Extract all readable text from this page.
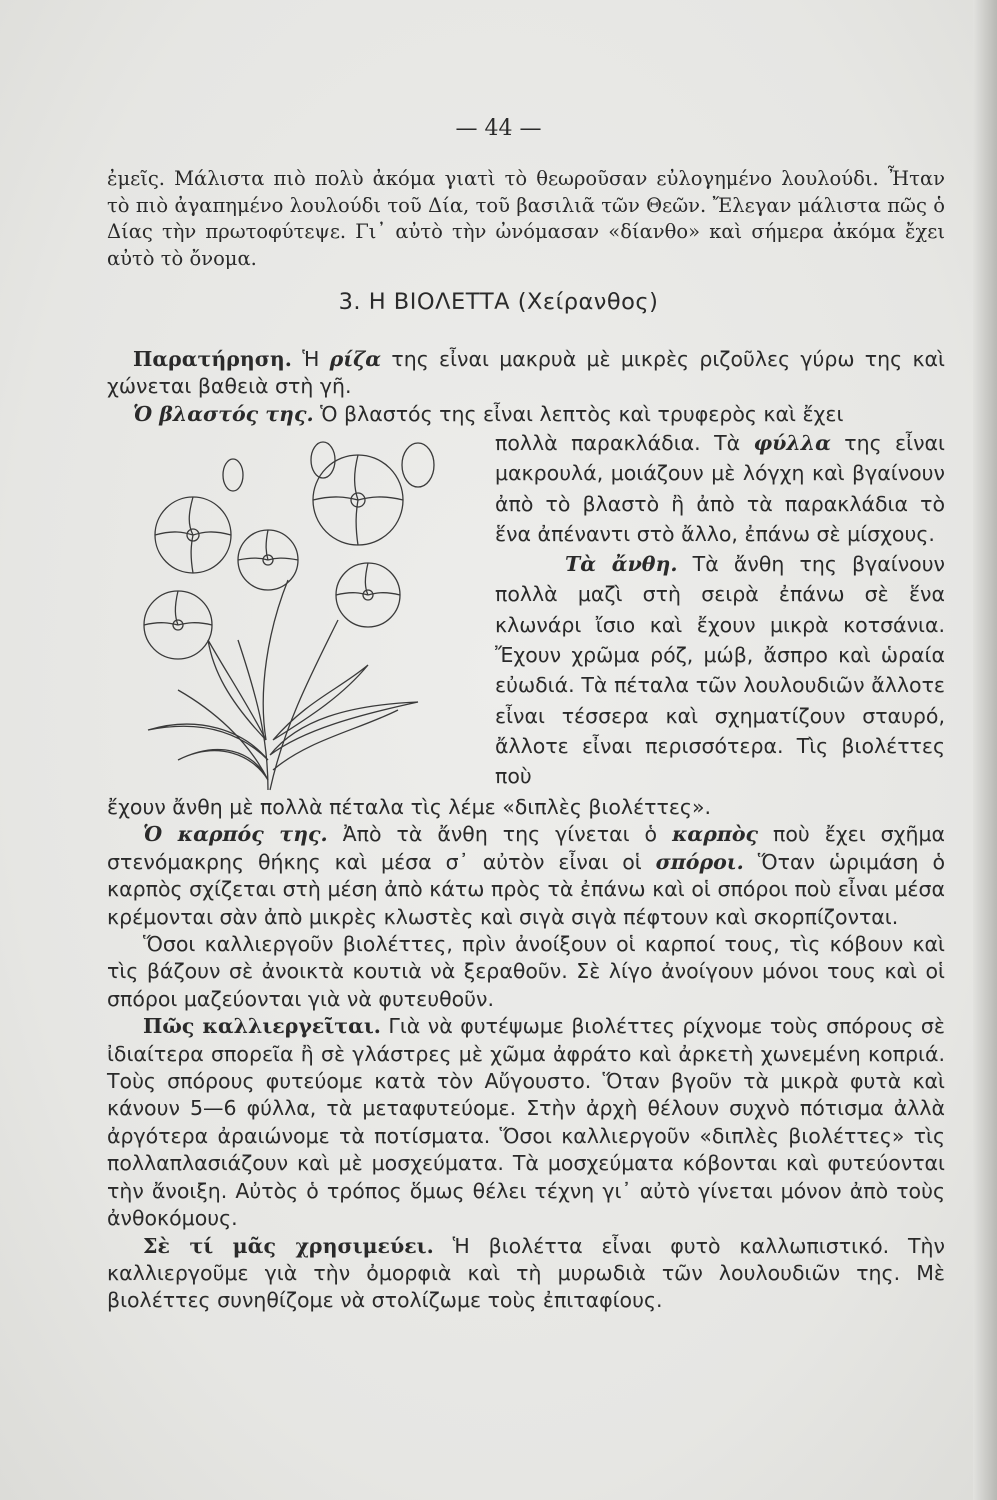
— 44 —

ἐμεῖς. Μάλιστα πιὸ πολὺ ἀκόμα γιατὶ τὸ θεωροῦσαν εὐλογημένο λουλούδι. Ἦταν τὸ πιὸ ἀγαπημένο λουλούδι τοῦ Δία, τοῦ βασιλιᾶ τῶν Θεῶν. Ἔλεγαν μάλιστα πῶς ὁ Δίας τὴν πρωτοφύτεψε. Γι᾽ αὐτὸ τὴν ὠνόμασαν «δίανθο» καὶ σήμερα ἀκόμα ἔχει αὐτὸ τὸ ὄνομα.

3. Η ΒΙΟΛΕΤΤΑ (Χείρανθος)

Παρατήρηση. Ἡ ρίζα της εἶναι μακρυὰ μὲ μικρὲς ριζοῦλες γύρω της καὶ χώνεται βαθειὰ στὴ γῆ.

Ὁ βλαστός της. Ὁ βλαστός της εἶναι λεπτὸς καὶ τρυφερὸς καὶ ἔχει

πολλὰ παρακλάδια. Τὰ φύλλα της εἶναι μακρουλά, μοιάζουν μὲ λόγχη καὶ βγαίνουν ἀπὸ τὸ βλαστὸ ἢ ἀπὸ τὰ παρακλάδια τὸ ἕνα ἀπέναντι στὸ ἄλλο, ἐπάνω σὲ μίσχους.
Τὰ ἄνθη. Τὰ ἄνθη της βγαίνουν πολλὰ μαζὶ στὴ σειρὰ ἐπάνω σὲ ἕνα κλωνάρι ἴσιο καὶ ἔχουν μικρὰ κοτσάνια. Ἔχουν χρῶμα ρόζ, μώβ, ἄσπρο καὶ ὡραία εὐωδιά. Τὰ πέταλα τῶν λουλουδιῶν ἄλλοτε εἶναι τέσσερα καὶ σχηματίζουν σταυρό, ἄλλοτε εἶναι περισσότερα. Τὶς βιολέττες ποὺ

ἔχουν ἄνθη μὲ πολλὰ πέταλα τὶς λέμε «διπλὲς βιολέττες».

Ὁ καρπός της. Ἀπὸ τὰ ἄνθη της γίνεται ὁ καρπὸς ποὺ ἔχει σχῆμα στενόμακρης θήκης καὶ μέσα σ᾽ αὐτὸν εἶναι οἱ σπόροι. Ὅταν ὡριμάση ὁ καρπὸς σχίζεται στὴ μέση ἀπὸ κάτω πρὸς τὰ ἐπάνω καὶ οἱ σπόροι ποὺ εἶναι μέσα κρέμονται σὰν ἀπὸ μικρὲς κλωστὲς καὶ σιγὰ σιγὰ πέφτουν καὶ σκορπίζονται.

Ὅσοι καλλιεργοῦν βιολέττες, πρὶν ἀνοίξουν οἱ καρποί τους, τὶς κόβουν καὶ τὶς βάζουν σὲ ἀνοικτὰ κουτιὰ νὰ ξεραθοῦν. Σὲ λίγο ἀνοίγουν μόνοι τους καὶ οἱ σπόροι μαζεύονται γιὰ νὰ φυτευθοῦν.

Πῶς καλλιεργεῖται. Γιὰ νὰ φυτέψωμε βιολέττες ρίχνομε τοὺς σπόρους σὲ ἰδιαίτερα σπορεῖα ἢ σὲ γλάστρες μὲ χῶμα ἀφράτο καὶ ἀρκετὴ χωνεμένη κοπριά. Τοὺς σπόρους φυτεύομε κατὰ τὸν Αὔγουστο. Ὅταν βγοῦν τὰ μικρὰ φυτὰ καὶ κάνουν 5—6 φύλλα, τὰ μεταφυτεύομε. Στὴν ἀρχὴ θέλουν συχνὸ πότισμα ἀλλὰ ἀργότερα ἀραιώνομε τὰ ποτίσματα. Ὅσοι καλλιεργοῦν «διπλὲς βιολέττες» τὶς πολλαπλασιάζουν καὶ μὲ μοσχεύματα. Τὰ μοσχεύματα κόβονται καὶ φυτεύονται τὴν ἄνοιξη. Αὐτὸς ὁ τρόπος ὅμως θέλει τέχνη γι᾽ αὐτὸ γίνεται μόνον ἀπὸ τοὺς ἀνθοκόμους.

Σὲ τί μᾶς χρησιμεύει. Ἡ βιολέττα εἶναι φυτὸ καλλωπιστικό. Τὴν καλλιεργοῦμε γιὰ τὴν ὀμορφιὰ καὶ τὴ μυρωδιὰ τῶν λουλουδιῶν της. Μὲ βιολέττες συνηθίζομε νὰ στολίζωμε τοὺς ἐπιταφίους.
